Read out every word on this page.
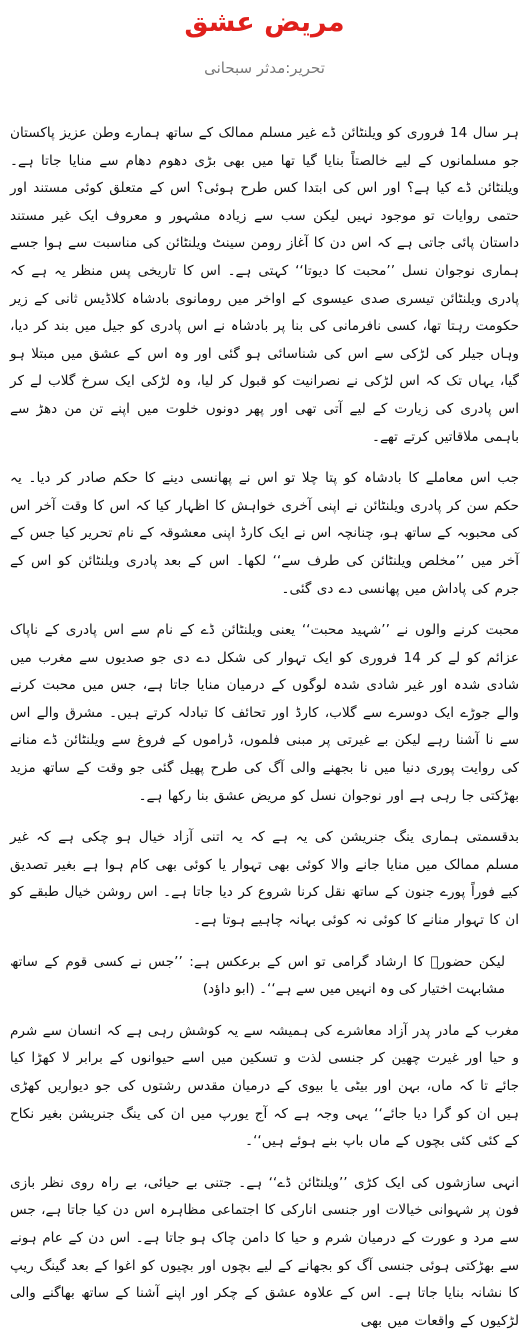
مریض عشق
تحریر:مدثر سبحانی

ہر سال 14 فروری کو ویلنٹائن ڈے غیر مسلم ممالک کے ساتھ ہمارے وطن عزیز پاکستان جو مسلمانوں کے لیے خالصتاً بنایا گیا تھا میں بھی بڑی دھوم دھام سے منایا جاتا ہے۔ ویلنٹائن ڈے کیا ہے؟ اور اس کی ابتدا کس طرح ہوئی؟ اس کے متعلق کوئی مستند اور حتمی روایات تو موجود نہیں لیکن سب سے زیادہ مشہور و معروف ایک غیر مستند داستان پائی جاتی ہے کہ اس دن کا آغاز رومن سینٹ ویلنٹائن کی مناسبت سے ہوا جسے ہماری نوجوان نسل ’’محبت کا دیوتا‘‘ کہتی ہے۔ اس کا تاریخی پس منظر یہ ہے کہ پادری ویلنٹائن تیسری صدی عیسوی کے اواخر میں رومانوی بادشاہ کلاڈیس ثانی کے زیر حکومت رہتا تھا، کسی نافرمانی کی بنا پر بادشاہ نے اس پادری کو جیل میں بند کر دیا، وہاں جیلر کی لڑکی سے اس کی شناسائی ہو گئی اور وہ اس کے عشق میں مبتلا ہو گیا، یہاں تک کہ اس لڑکی نے نصرانیت کو قبول کر لیا، وہ لڑکی ایک سرخ گلاب لے کر اس پادری کی زیارت کے لیے آتی تھی اور پھر دونوں خلوت میں اپنے تن من دھڑ سے باہمی ملاقاتیں کرتے تھے۔

جب اس معاملے کا بادشاہ کو پتا چلا تو اس نے پھانسی دینے کا حکم صادر کر دیا۔ یہ حکم سن کر پادری ویلنٹائن نے اپنی آخری خواہش کا اظہار کیا کہ اس کا وقت آخر اس کی محبوبہ کے ساتھ ہو، چنانچہ اس نے ایک کارڈ اپنی معشوقہ کے نام تحریر کیا جس کے آخر میں ’’مخلص ویلنٹائن کی طرف سے‘‘ لکھا۔ اس کے بعد پادری ویلنٹائن کو اس کے جرم کی پاداش میں پھانسی دے دی گئی۔

محبت کرنے والوں نے ’’شہید محبت‘‘ یعنی ویلنٹائن ڈے کے نام سے اس پادری کے ناپاک عزائم کو لے کر 14 فروری کو ایک تہوار کی شکل دے دی جو صدیوں سے مغرب میں شادی شدہ اور غیر شادی شدہ لوگوں کے درمیان منایا جاتا ہے، جس میں محبت کرنے والے جوڑے ایک دوسرے سے گلاب، کارڈ اور تحائف کا تبادلہ کرتے ہیں۔ مشرق والے اس سے نا آشنا رہے لیکن بے غیرتی پر مبنی فلموں، ڈراموں کے فروغ سے ویلنٹائن ڈے منانے کی روایت پوری دنیا میں نا بجھنے والی آگ کی طرح پھیل گئی جو وقت کے ساتھ مزید بھڑکتی جا رہی ہے اور نوجوان نسل کو مریض عشق بنا رکھا ہے۔

بدقسمتی ہماری ینگ جنریشن کی یہ ہے کہ یہ اتنی آزاد خیال ہو چکی ہے کہ غیر مسلم ممالک میں منایا جانے والا کوئی بھی تہوار یا کوئی بھی کام ہوا ہے بغیر تصدیق کیے فوراً پورے جنون کے ساتھ نقل کرنا شروع کر دیا جاتا ہے۔ اس روشن خیال طبقے کو ان کا تہوار منانے کا کوئی نہ کوئی بہانہ چاہیے ہوتا ہے۔

لیکن حضورؐ کا ارشاد گرامی تو اس کے برعکس ہے: ’’جس نے کسی قوم کے ساتھ مشابہت اختیار کی وہ انہیں میں سے ہے‘‘۔ (ابو داؤد)

مغرب کے مادر پدر آزاد معاشرے کی ہمیشہ سے یہ کوشش رہی ہے کہ انسان سے شرم و حیا اور غیرت چھین کر جنسی لذت و تسکین میں اسے حیوانوں کے برابر لا کھڑا کیا جائے تا کہ ماں، بہن اور بیٹی یا بیوی کے درمیان مقدس رشتوں کی جو دیواریں کھڑی ہیں ان کو گرا دیا جائے‘‘ یہی وجہ ہے کہ آج یورپ میں ان کی ینگ جنریشن بغیر نکاح کے کئی کئی بچوں کے ماں باپ بنے ہوئے ہیں‘‘۔

انہی سازشوں کی ایک کڑی ’’ویلنٹائن ڈے‘‘ ہے۔ جتنی بے حیائی، بے راہ روی نظر بازی فون پر شہوانی خیالات اور جنسی انارکی کا اجتماعی مظاہرہ اس دن کیا جاتا ہے، جس سے مرد و عورت کے درمیان شرم و حیا کا دامن چاک ہو جاتا ہے۔ اس دن کے عام ہونے سے بھڑکتی ہوئی جنسی آگ کو بجھانے کے لیے بچوں اور بچیوں کو اغوا کے بعد گینگ ریپ کا نشانہ بنایا جاتا ہے۔ اس کے علاوہ عشق کے چکر اور اپنے آشنا کے ساتھ بھاگنے والی لڑکیوں کے واقعات میں بھی
